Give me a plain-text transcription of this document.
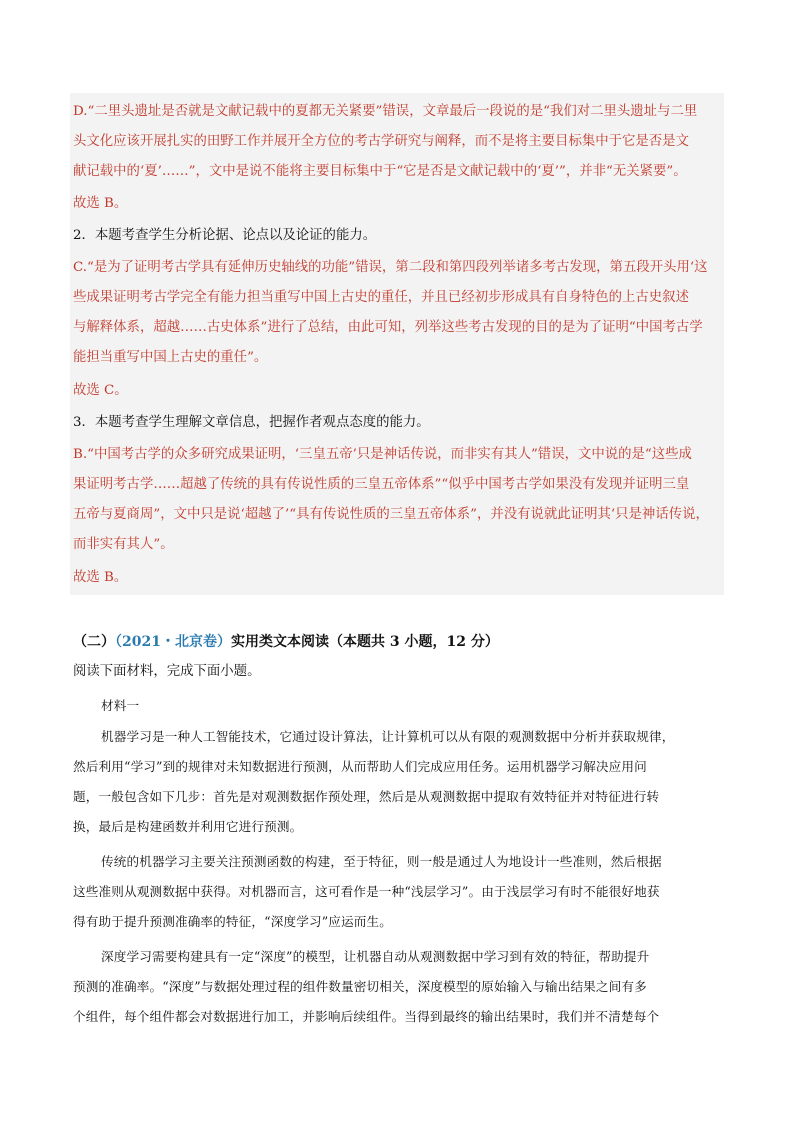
D.“二里头遗址是否就是文献记载中的夏都无关紧要”错误，文章最后一段说的是“我们对二里头遗址与二里
头文化应该开展扎实的田野工作并展开全方位的考古学研究与阐释，而不是将主要目标集中于它是否是文
献记载中的‘夏’……”，文中是说不能将主要目标集中于“它是否是文献记载中的‘夏’”，并非“无关紧要”。
故选 B。
2．本题考查学生分析论据、论点以及论证的能力。
C.“是为了证明考古学具有延伸历史轴线的功能”错误，第二段和第四段列举诸多考古发现，第五段开头用‘这
些成果证明考古学完全有能力担当重写中国上古史的重任，并且已经初步形成具有自身特色的上古史叙述
与解释体系，超越……古史体系”进行了总结，由此可知，列举这些考古发现的目的是为了证明“中国考古学
能担当重写中国上古史的重任”。
故选 C。
3．本题考查学生理解文章信息，把握作者观点态度的能力。
B.“中国考古学的众多研究成果证明，‘三皇五帝’只是神话传说，而非实有其人”错误，文中说的是“这些成
果证明考古学……超越了传统的具有传说性质的三皇五帝体系”“似乎中国考古学如果没有发现并证明三皇
五帝与夏商周”，文中只是说‘超越了’“具有传说性质的三皇五帝体系”，并没有说就此证明其‘只是神话传说，
而非实有其人”。
故选 B。
（二）（2021・北京卷）实用类文本阅读（本题共 3 小题，12 分）
阅读下面材料，完成下面小题。
材料一
机器学习是一种人工智能技术，它通过设计算法，让计算机可以从有限的观测数据中分析并获取规律，
然后利用“学习”到的规律对未知数据进行预测，从而帮助人们完成应用任务。运用机器学习解决应用问
题，一般包含如下几步：首先是对观测数据作预处理，然后是从观测数据中提取有效特征并对特征进行转
换，最后是构建函数并利用它进行预测。
传统的机器学习主要关注预测函数的构建，至于特征，则一般是通过人为地设计一些准则，然后根据
这些准则从观测数据中获得。对机器而言，这可看作是一种“浅层学习”。由于浅层学习有时不能很好地获
得有助于提升预测准确率的特征，“深度学习”应运而生。
深度学习需要构建具有一定“深度”的模型，让机器自动从观测数据中学习到有效的特征，帮助提升
预测的准确率。“深度”与数据处理过程的组件数量密切相关，深度模型的原始输入与输出结果之间有多
个组件，每个组件都会对数据进行加工，并影响后续组件。当得到最终的输出结果时，我们并不清楚每个
